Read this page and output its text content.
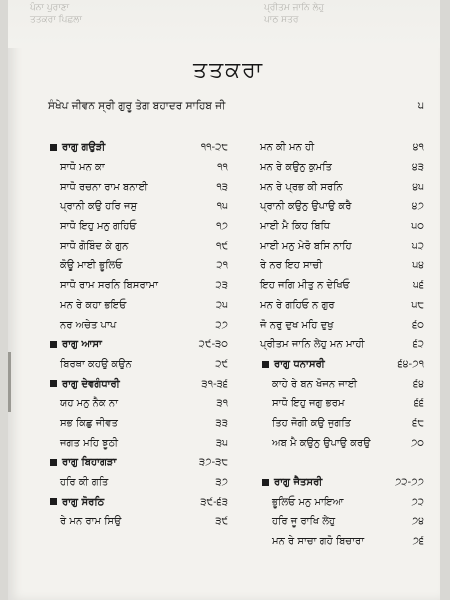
ਪੰਨਾ ਪੁਰਾਣਾ
ਤਤਕਰਾ ਪਿਛਲਾ
ਪ੍ਰੀਤਮ ਜਾਨਿ ਲੇਹੁ
ਪਾਠ ਸਤਰ
ਤਤਕਰਾ
ਸੰਖੇਪ ਜੀਵਨ ਸ੍ਰੀ ਗੁਰੂ ਤੇਗ ਬਹਾਦਰ ਸਾਹਿਬ ਜੀ	੫
ਰਾਗੁ ਗਉੜੀ	੧੧-੨੮
ਸਾਧੋ ਮਨ ਕਾ	੧੧
ਸਾਧੋ ਰਚਨਾ ਰਾਮ ਬਨਾਈ	੧੩
ਪ੍ਰਾਨੀ ਕਉ ਹਰਿ ਜਸੁ	੧੫
ਸਾਧੋ ਇਹੁ ਮਨੁ ਗਹਿਓ	੧੭
ਸਾਧੋ ਗੋਬਿੰਦ ਕੇ ਗੁਨ	੧੯
ਕੋਊ ਮਾਈ ਭੂਲਿਓ	੨੧
ਸਾਧੋ ਰਾਮ ਸਰਨਿ ਬਿਸਰਾਮਾ	੨੩
ਮਨ ਰੇ ਕਹਾ ਭਇਓ	੨੫
ਨਰ ਅਚੇਤ ਪਾਪ	੨੭
ਰਾਗੁ ਆਸਾ	੨੯-੩੦
ਬਿਰਥਾ ਕਹਉ ਕਉਨ	੨੯
ਰਾਗੁ ਦੇਵਗੰਧਾਰੀ	੩੧-੩੬
ਯਹ ਮਨੁ ਨੈਕ ਨਾ	੩੧
ਸਭ ਕਿਛੁ ਜੀਵਤ	੩੩
ਜਗਤ ਮਹਿ ਝੂਠੀ	੩੫
ਰਾਗੁ ਬਿਹਾਗੜਾ	੩੭-੩੮
ਹਰਿ ਕੀ ਗਤਿ	੩੭
ਰਾਗੁ ਸੋਰਠਿ	੩੯-੬੩
ਰੇ ਮਨ ਰਾਮ ਸਿਉ	੩੯
ਮਨ ਕੀ ਮਨ ਹੀ	੪੧
ਮਨ ਰੇ ਕਉਨੁ ਕੁਮਤਿ	੪੩
ਮਨ ਰੇ ਪ੍ਰਭ ਕੀ ਸਰਨਿ	੪੫
ਪ੍ਰਾਨੀ ਕਉਨੁ ਉਪਾਉ ਕਰੈ	੪੭
ਮਾਈ ਮੈ ਕਿਹ ਬਿਧਿ	੫੦
ਮਾਈ ਮਨੁ ਮੇਰੋ ਬਸਿ ਨਾਹਿ	੫੨
ਰੇ ਨਰ ਇਹ ਸਾਚੀ	੫੪
ਇਹ ਜਗਿ ਮੀਤੁ ਨ ਦੇਖਿਓ	੫੬
ਮਨ ਰੇ ਗਹਿਓ ਨ ਗੁਰ	੫੮
ਜੋ ਨਰੁ ਦੁਖ ਮਹਿ ਦੁਖੁ	੬੦
ਪ੍ਰੀਤਮ ਜਾਨਿ ਲੇਹੁ ਮਨ ਮਾਹੀ	੬੨
ਰਾਗੁ ਧਨਾਸਰੀ	੬੪-੭੧
ਕਾਹੇ ਰੇ ਬਨ ਖੋਜਨ ਜਾਈ	੬੪
ਸਾਧੋ ਇਹੁ ਜਗੁ ਭਰਮ	੬੬
ਤਿਹ ਜੋਗੀ ਕਉ ਜੁਗਤਿ	੬੮
ਅਬ ਮੈ ਕਉਨੁ ਉਪਾਉ ਕਰਉ	੭੦
ਰਾਗੁ ਜੈਤਸਰੀ	੭੨-੭੭
ਭੂਲਿਓ ਮਨੁ ਮਾਇਆ	੭੨
ਹਰਿ ਜੂ ਰਾਖਿ ਲੇਹੁ	੭੪
ਮਨ ਰੇ ਸਾਚਾ ਗਹੋ ਬਿਚਾਰਾ	੭੬
